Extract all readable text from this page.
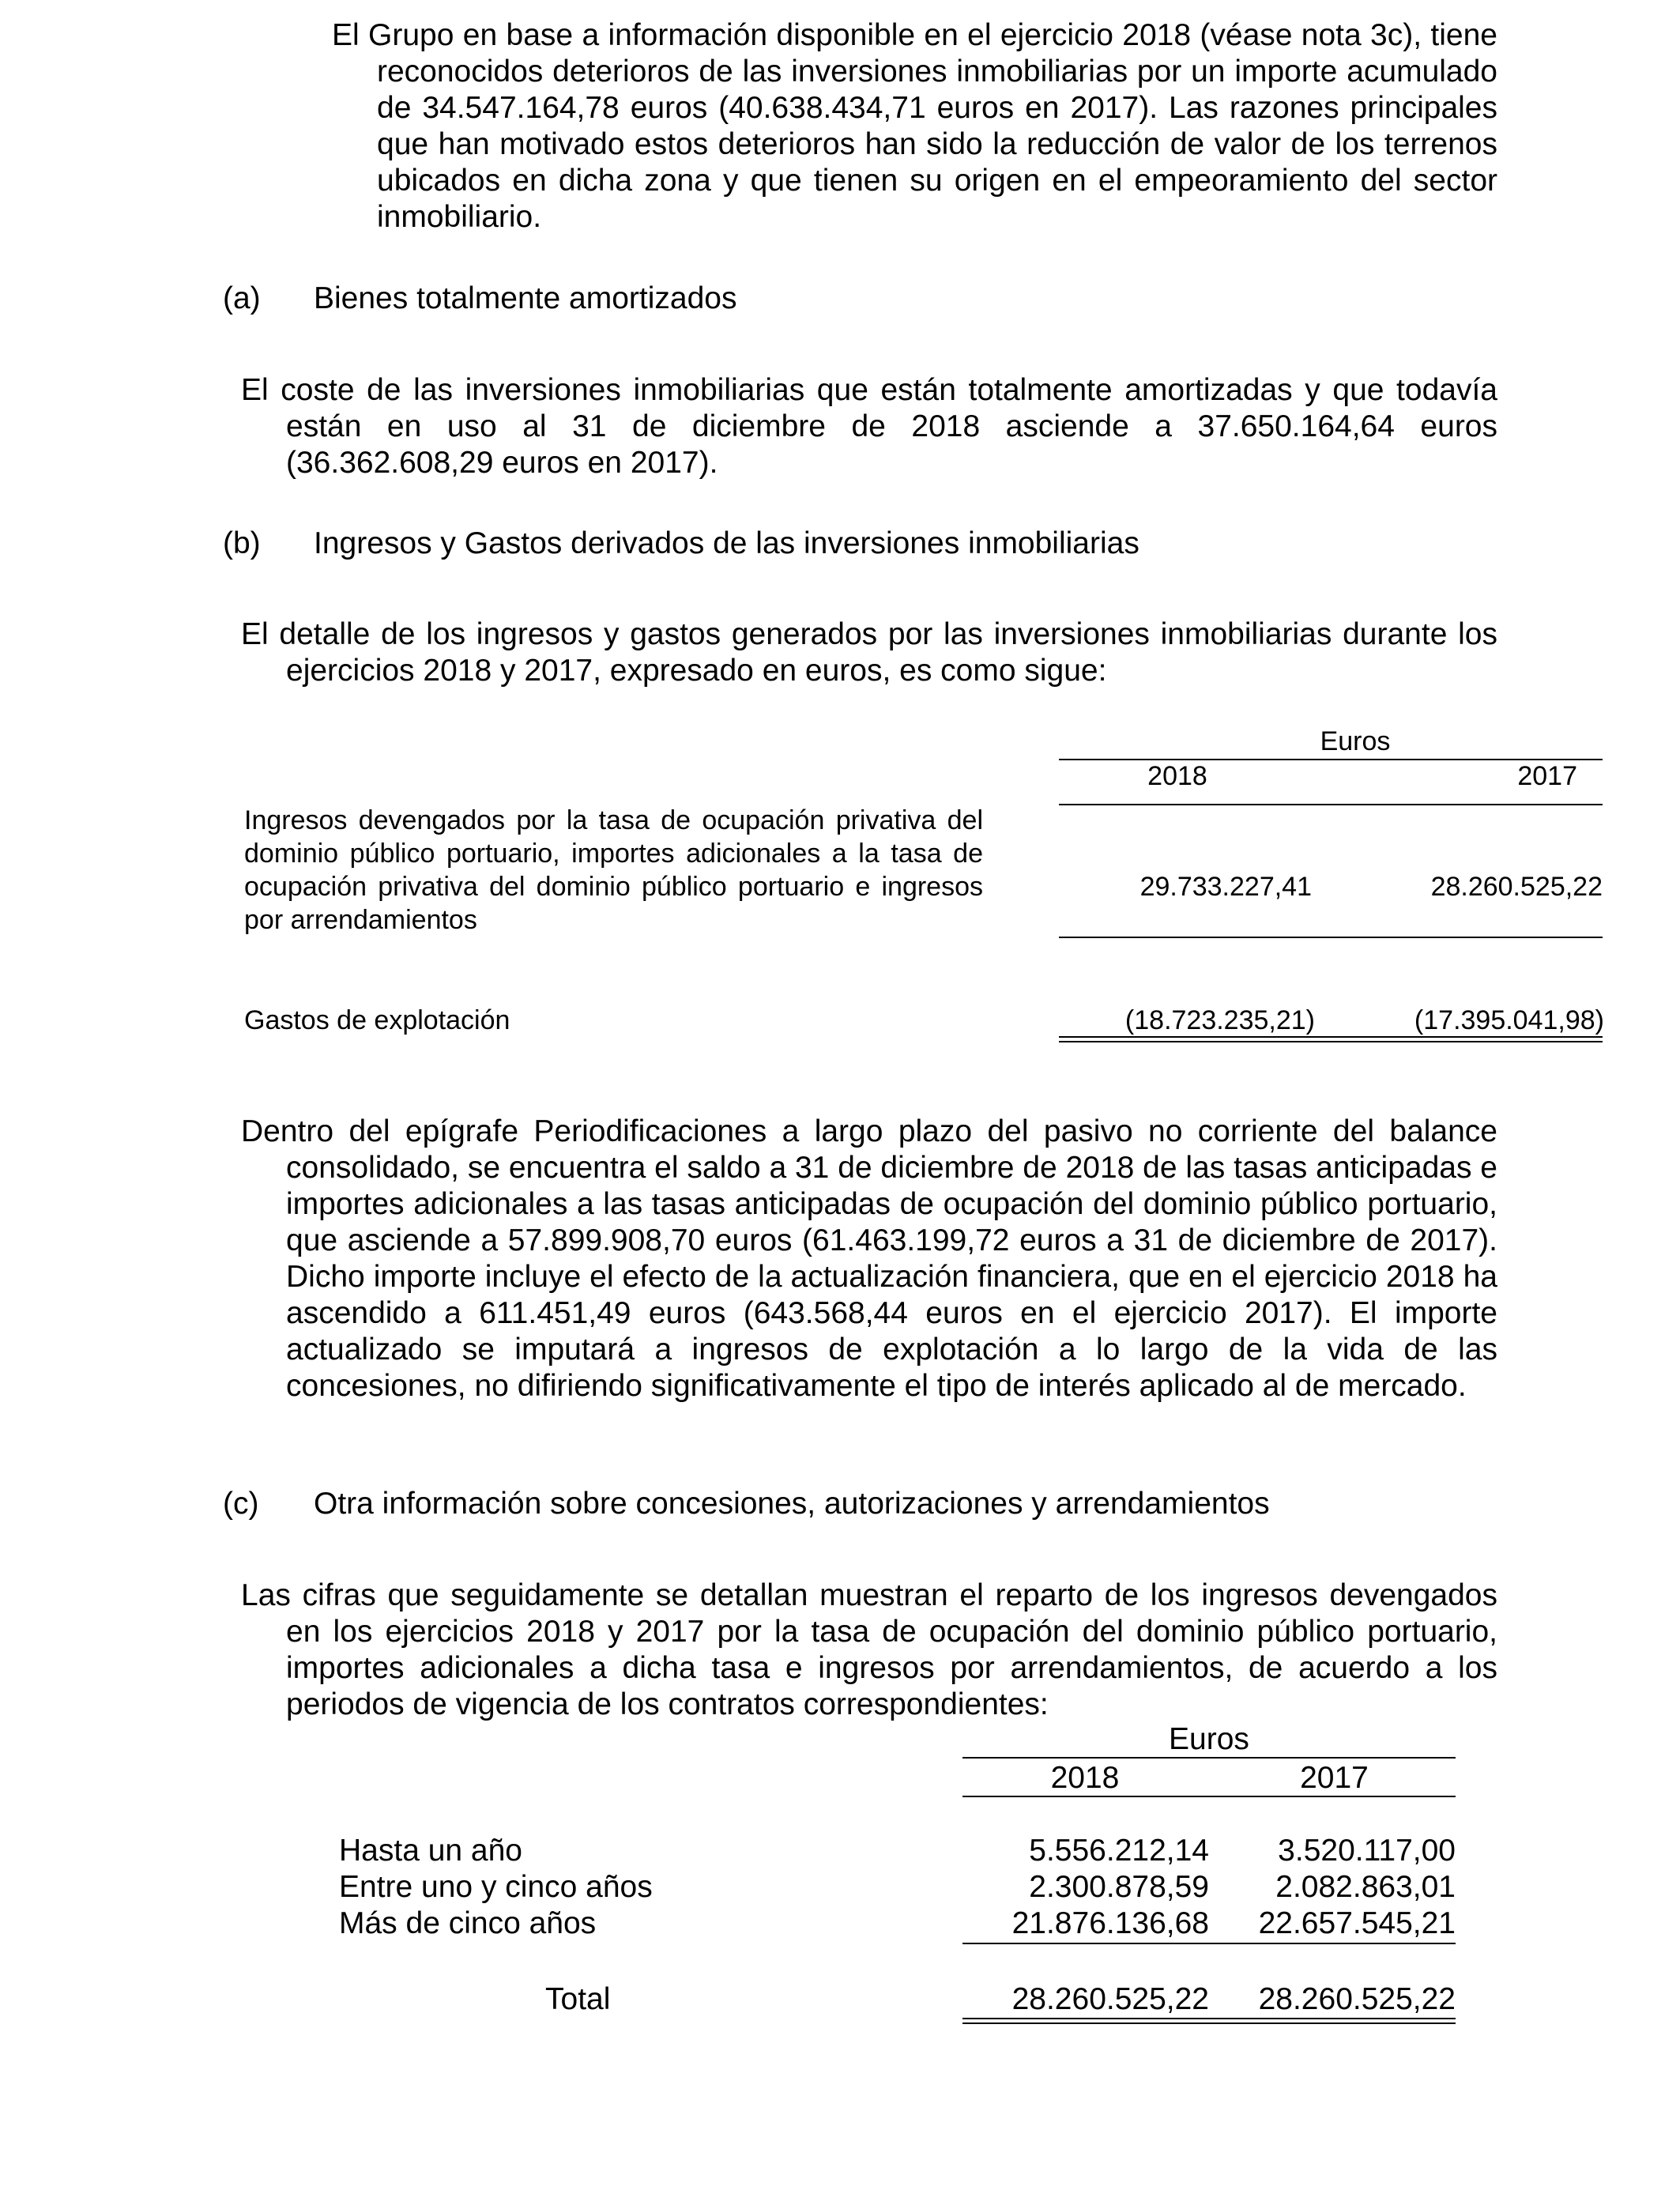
El Grupo en base a información disponible en el ejercicio 2018 (véase nota 3c), tiene reconocidos deterioros de las inversiones inmobiliarias por un importe acumulado de 34.547.164,78 euros (40.638.434,71 euros en 2017). Las razones principales que han motivado estos deterioros han sido la reducción de valor de los terrenos ubicados en dicha zona y que tienen su origen en el empeoramiento del sector inmobiliario.
(a) Bienes totalmente amortizados
El coste de las inversiones inmobiliarias que están totalmente amortizadas y que todavía están en uso al 31 de diciembre de 2018 asciende a 37.650.164,64 euros (36.362.608,29 euros en 2017).
(b) Ingresos y Gastos derivados de las inversiones inmobiliarias
El detalle de los ingresos y gastos generados por las inversiones inmobiliarias durante los ejercicios 2018 y 2017, expresado en euros, es como sigue:
Euros
2018	2017
Ingresos devengados por la tasa de ocupación privativa del dominio público portuario, importes adicionales a la tasa de ocupación privativa del dominio público portuario e ingresos por arrendamientos
29.733.227,41	28.260.525,22
Gastos de explotación	(18.723.235,21)	(17.395.041,98)
Dentro del epígrafe Periodificaciones a largo plazo del pasivo no corriente del balance consolidado, se encuentra el saldo a 31 de diciembre de 2018 de las tasas anticipadas e importes adicionales a las tasas anticipadas de ocupación del dominio público portuario, que asciende a 57.899.908,70 euros (61.463.199,72 euros a 31 de diciembre de 2017). Dicho importe incluye el efecto de la actualización financiera, que en el ejercicio 2018 ha ascendido a 611.451,49 euros (643.568,44 euros en el ejercicio 2017). El importe actualizado se imputará a ingresos de explotación a lo largo de la vida de las concesiones, no difiriendo significativamente el tipo de interés aplicado al de mercado.
(c) Otra información sobre concesiones, autorizaciones y arrendamientos
Las cifras que seguidamente se detallan muestran el reparto de los ingresos devengados en los ejercicios 2018 y 2017 por la tasa de ocupación del dominio público portuario, importes adicionales a dicha tasa e ingresos por arrendamientos, de acuerdo a los periodos de vigencia de los contratos correspondientes:
Euros
2018	2017
Hasta un año	5.556.212,14	3.520.117,00
Entre uno y cinco años	2.300.878,59	2.082.863,01
Más de cinco años	21.876.136,68	22.657.545,21
Total	28.260.525,22	28.260.525,22
